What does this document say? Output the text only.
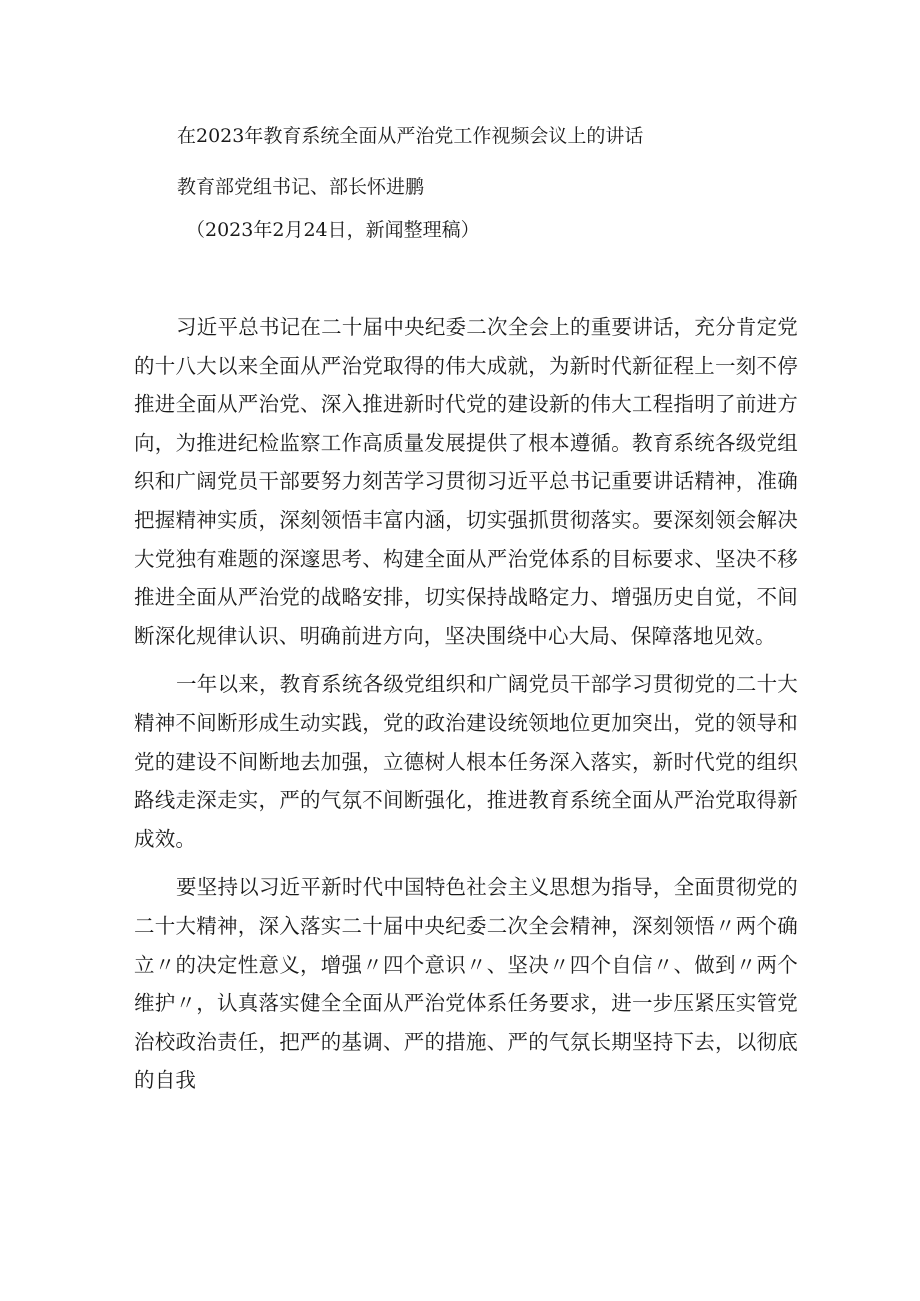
在2023年教育系统全面从严治党工作视频会议上的讲话
教育部党组书记、部长怀进鹏
（2023年2月24日，新闻整理稿）

习近平总书记在二十届中央纪委二次全会上的重要讲话，充分肯定党的十八大以来全面从严治党取得的伟大成就，为新时代新征程上一刻不停推进全面从严治党、深入推进新时代党的建设新的伟大工程指明了前进方向，为推进纪检监察工作高质量发展提供了根本遵循。教育系统各级党组织和广阔党员干部要努力刻苦学习贯彻习近平总书记重要讲话精神，准确把握精神实质，深刻领悟丰富内涵，切实强抓贯彻落实。要深刻领会解决大党独有难题的深邃思考、构建全面从严治党体系的目标要求、坚决不移推进全面从严治党的战略安排，切实保持战略定力、增强历史自觉，不间断深化规律认识、明确前进方向，坚决围绕中心大局、保障落地见效。

一年以来，教育系统各级党组织和广阔党员干部学习贯彻党的二十大精神不间断形成生动实践，党的政治建设统领地位更加突出，党的领导和党的建设不间断地去加强，立德树人根本任务深入落实，新时代党的组织路线走深走实，严的气氛不间断强化，推进教育系统全面从严治党取得新成效。

要坚持以习近平新时代中国特色社会主义思想为指导，全面贯彻党的二十大精神，深入落实二十届中央纪委二次全会精神，深刻领悟〃两个确立〃的决定性意义，增强〃四个意识〃、坚决〃四个自信〃、做到〃两个维护〃，认真落实健全全面从严治党体系任务要求，进一步压紧压实管党治校政治责任，把严的基调、严的措施、严的气氛长期坚持下去，以彻底的自我
